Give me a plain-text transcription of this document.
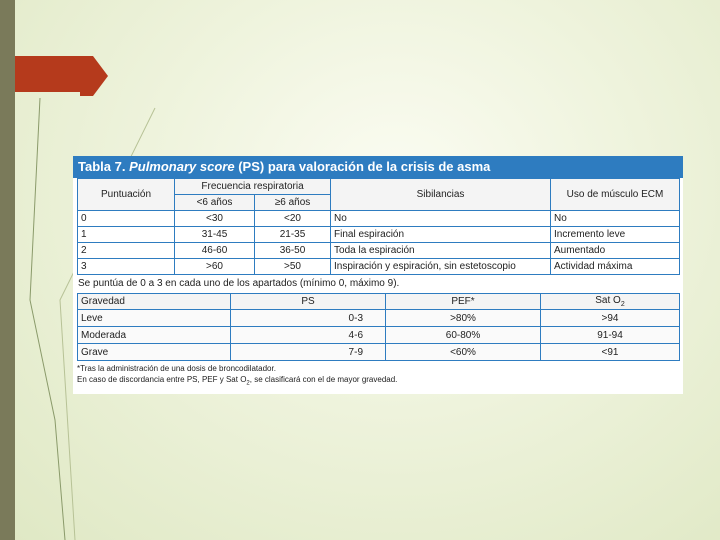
Tabla 7. Pulmonary score (PS) para valoración de la crisis de asma
Puntuación	Frecuencia respiratoria		Sibilancias	Uso de músculo ECM
	<6 años	≥6 años		
0	<30	<20	No	No
1	31-45	21-35	Final espiración	Incremento leve
2	46-60	36-50	Toda la espiración	Aumentado
3	>60	>50	Inspiración y espiración, sin estetoscopio	Actividad máxima
Se puntúa de 0 a 3 en cada uno de los apartados (mínimo 0, máximo 9).
Gravedad	PS	PEF*	Sat $O_2$
Leve	0-3	>80%	>94
Moderada	4-6	60-80%	91-94
Grave	7-9	<60%	<91
*Tras la administración de una dosis de broncodilatador.
En caso de discordancia entre PS, PEF y Sat $O_2$, se clasificará con el de mayor gravedad.
